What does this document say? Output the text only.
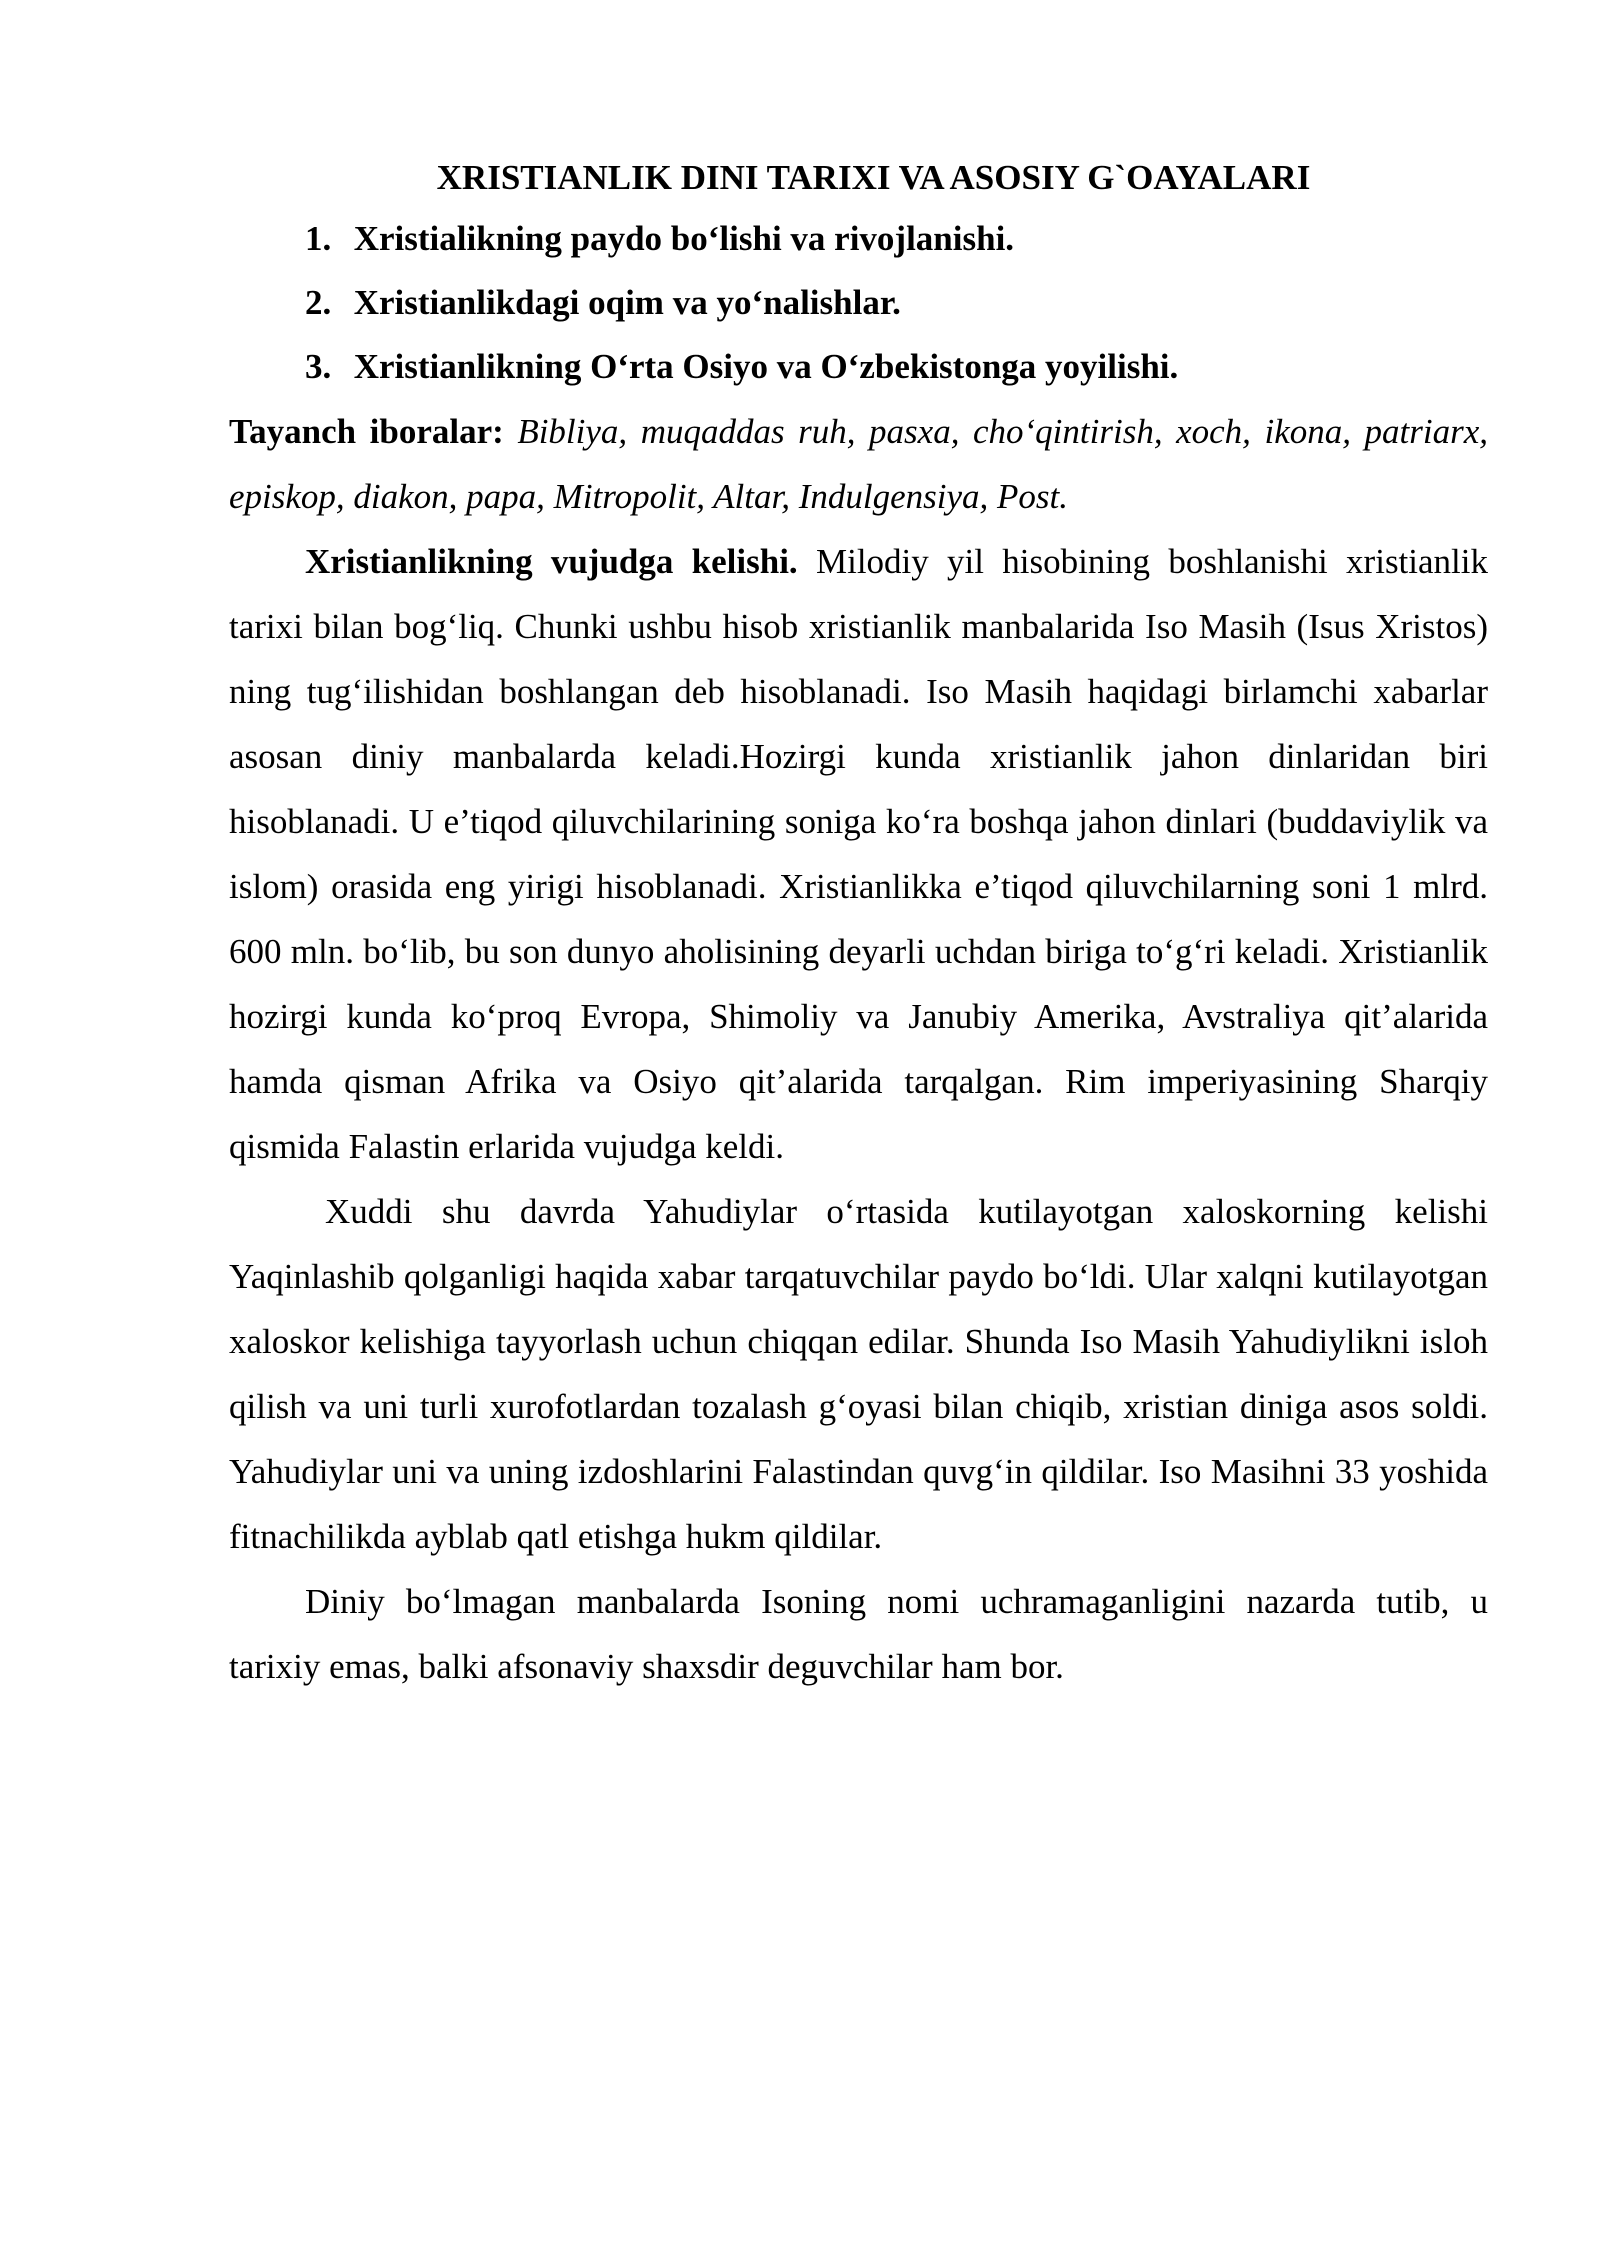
XRISTIANLIK DINI TARIXI VA ASOSIY G`OAYALARI
1. Xristialikning paydo bo‘lishi va rivojlanishi.
2. Xristianlikdagi oqim va yo‘nalishlar.
3. Xristianlikning O‘rta Osiyo va O‘zbekistonga yoyilishi.

Tayanch iboralar: Bibliya, muqaddas ruh, pasxa, cho‘qintirish, xoch, ikona, patriarx, episkop, diakon, papa, Mitropolit, Altar, Indulgensiya, Post.

Xristianlikning vujudga kelishi. Milodiy yil hisobining boshlanishi xristianlik tarixi bilan bog‘liq. Chunki ushbu hisob xristianlik manbalarida Iso Masih (Isus Xristos) ning tug‘ilishidan boshlangan deb hisoblanadi. Iso Masih haqidagi birlamchi xabarlar asosan diniy manbalarda keladi.Hozirgi kunda xristianlik jahon dinlaridan biri hisoblanadi. U e’tiqod qiluvchilarining soniga ko‘ra boshqa jahon dinlari (buddaviylik va islom) orasida eng yirigi hisoblanadi. Xristianlikka e’tiqod qiluvchilarning soni 1 mlrd. 600 mln. bo‘lib, bu son dunyo aholisining deyarli uchdan biriga to‘g‘ri keladi. Xristianlik hozirgi kunda ko‘proq Evropa, Shimoliy va Janubiy Amerika, Avstraliya qit’alarida hamda qisman Afrika va Osiyo qit’alarida tarqalgan. Rim imperiyasining Sharqiy qismida Falastin erlarida vujudga keldi.

Xuddi shu davrda Yahudiylar o‘rtasida kutilayotgan xaloskorning kelishi Yaqinlashib qolganligi haqida xabar tarqatuvchilar paydo bo‘ldi. Ular xalqni kutilayotgan xaloskor kelishiga tayyorlash uchun chiqqan edilar. Shunda Iso Masih Yahudiylikni isloh qilish va uni turli xurofotlardan tozalash g‘oyasi bilan chiqib, xristian diniga asos soldi. Yahudiylar uni va uning izdoshlarini Falastindan quvg‘in qildilar. Iso Masihni 33 yoshida fitnachilikda ayblab qatl etishga hukm qildilar.

Diniy bo‘lmagan manbalarda Isoning nomi uchramaganligini nazarda tutib, u tarixiy emas, balki afsonaviy shaxsdir deguvchilar ham bor.
